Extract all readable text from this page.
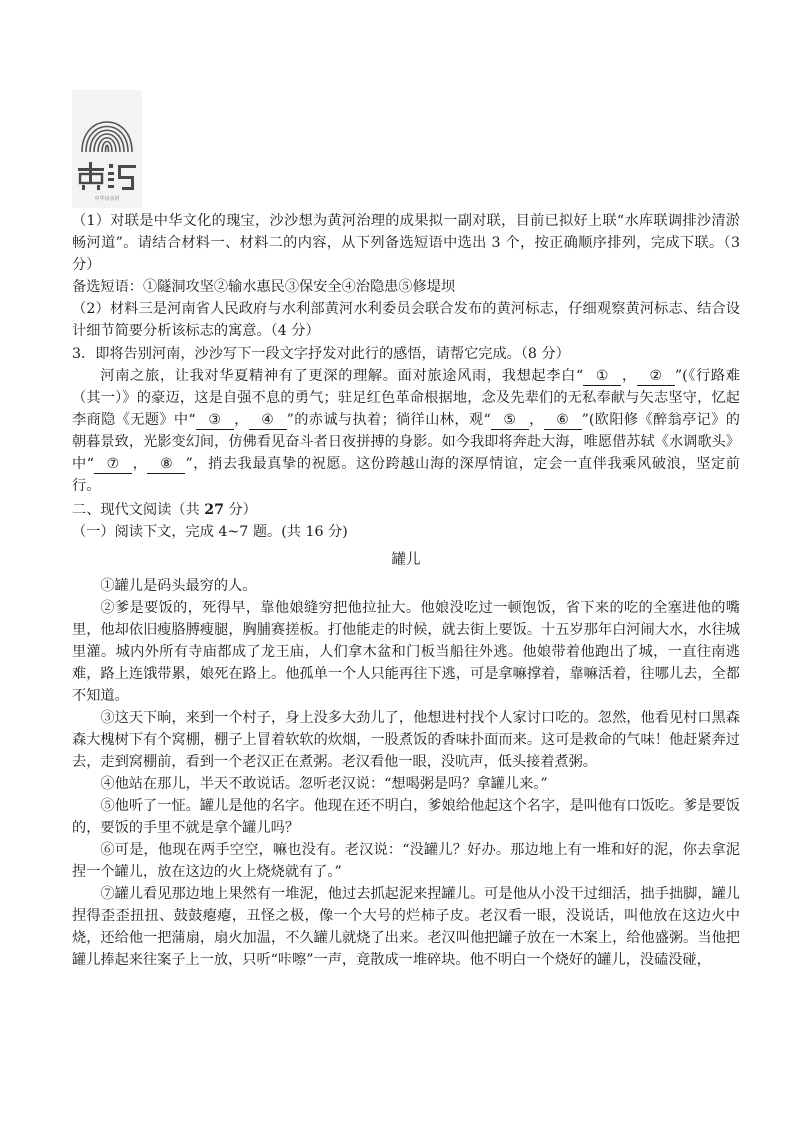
中华母亲河

（1）对联是中华文化的瑰宝，沙沙想为黄河治理的成果拟一副对联，目前已拟好上联“水库联调排沙清淤畅河道”。请结合材料一、材料二的内容，从下列备选短语中选出 3 个，按正确顺序排列，完成下联。（3 分）

备选短语：①隧洞攻坚②输水惠民③保安全④治隐患⑤修堤坝

（2）材料三是河南省人民政府与水利部黄河水利委员会联合发布的黄河标志，仔细观察黄河标志、结合设计细节简要分析该标志的寓意。（4 分）

3．即将告别河南，沙沙写下一段文字抒发对此行的感悟，请帮它完成。（8 分）

河南之旅，让我对华夏精神有了更深的理解。面对旅途风雨，我想起李白“ ① ， ② ”(《行路难（其一）》的豪迈，这是自强不息的勇气；驻足红色革命根据地，念及先辈们的无私奉献与矢志坚守，忆起李商隐《无题》中“ ③ ， ④ ”的赤诚与执着；徜徉山林，观“ ⑤ ， ⑥ ”(欧阳修《醉翁亭记》的朝暮景致，光影变幻间，仿佛看见奋斗者日夜拼搏的身影。如今我即将奔赴大海，唯愿借苏轼《水调歌头》中“ ⑦ ， ⑧ ”，捎去我最真挚的祝愿。这份跨越山海的深厚情谊，定会一直伴我乘风破浪，坚定前行。

二、现代文阅读（共 27 分）

（一）阅读下文，完成 4~7 题。(共 16 分)

罐儿

①罐儿是码头最穷的人。

②爹是要饭的，死得早，靠他娘缝穷把他拉扯大。他娘没吃过一顿饱饭，省下来的吃的全塞进他的嘴里，他却依旧瘦胳膊瘦腿，胸脯赛搓板。打他能走的时候，就去街上要饭。十五岁那年白河闹大水，水往城里灌。城内外所有寺庙都成了龙王庙，人们拿木盆和门板当船往外逃。他娘带着他跑出了城，一直往南逃难，路上连饿带累，娘死在路上。他孤单一个人只能再往下逃，可是拿嘛撑着，靠嘛活着，往哪儿去，全都不知道。

③这天下晌，来到一个村子，身上没多大劲儿了，他想进村找个人家讨口吃的。忽然，他看见村口黑森森大槐树下有个窝棚，棚子上冒着软软的炊烟，一股煮饭的香味扑面而来。这可是救命的气味！他赶紧奔过去，走到窝棚前，看到一个老汉正在煮粥。老汉看他一眼，没吭声，低头接着煮粥。

④他站在那儿，半天不敢说话。忽听老汉说：“想喝粥是吗？拿罐儿来。”

⑤他听了一怔。罐儿是他的名字。他现在还不明白，爹娘给他起这个名字，是叫他有口饭吃。爹是要饭的，要饭的手里不就是拿个罐儿吗？

⑥可是，他现在两手空空，嘛也没有。老汉说：“没罐儿？好办。那边地上有一堆和好的泥，你去拿泥捏一个罐儿，放在这边的火上烧烧就有了。”

⑦罐儿看见那边地上果然有一堆泥，他过去抓起泥来捏罐儿。可是他从小没干过细活，拙手拙脚，罐儿捏得歪歪扭扭、鼓鼓瘪瘪，丑怪之极，像一个大号的烂柿子皮。老汉看一眼，没说话，叫他放在这边火中烧，还给他一把蒲扇，扇火加温，不久罐儿就烧了出来。老汉叫他把罐子放在一木案上，给他盛粥。当他把罐儿捧起来往案子上一放，只听“咔嚓”一声，竟散成一堆碎块。他不明白一个烧好的罐儿，没磕没碰，
